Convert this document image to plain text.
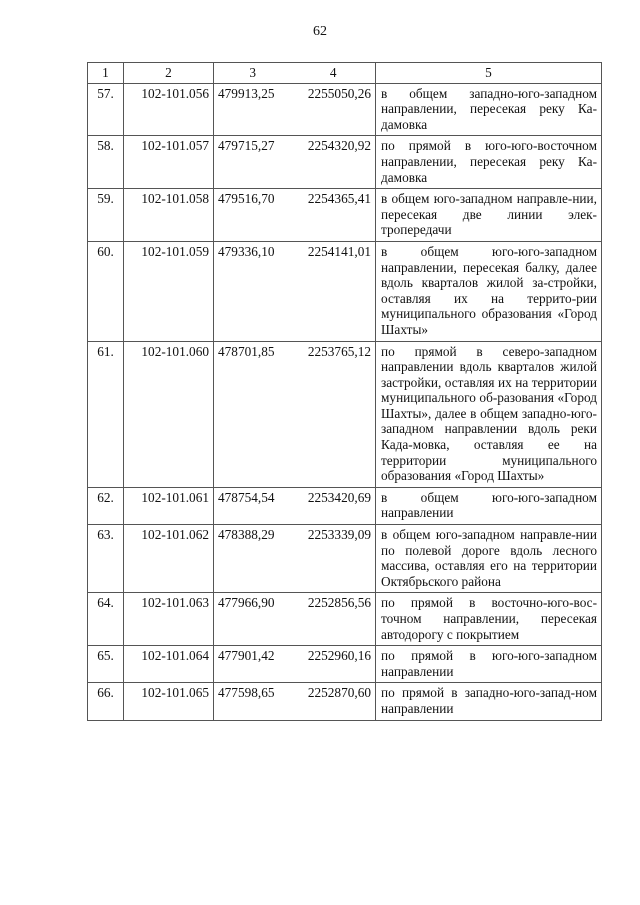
62
1	2	3	4	5
57.	102-101.056	479913,25	2255050,26	в общем западно-юго-западном направлении, пересекая реку Ка-дамовка
58.	102-101.057	479715,27	2254320,92	по прямой в юго-юго-восточном направлении, пересекая реку Ка-дамовка
59.	102-101.058	479516,70	2254365,41	в общем юго-западном направле-нии, пересекая две линии элек-тропередачи
60.	102-101.059	479336,10	2254141,01	в общем юго-юго-западном направлении, пересекая балку, далее вдоль кварталов жилой за-стройки, оставляя их на террито-рии муниципального образования «Город Шахты»
61.	102-101.060	478701,85	2253765,12	по прямой в северо-западном направлении вдоль кварталов жилой застройки, оставляя их на территории муниципального об-разования «Город Шахты», далее в общем западно-юго-западном направлении вдоль реки Када-мовка, оставляя ее на территории муниципального образования «Город Шахты»
62.	102-101.061	478754,54	2253420,69	в общем юго-юго-западном направлении
63.	102-101.062	478388,29	2253339,09	в общем юго-западном направле-нии по полевой дороге вдоль лесного массива, оставляя его на территории Октябрьского района
64.	102-101.063	477966,90	2252856,56	по прямой в восточно-юго-вос-точном направлении, пересекая автодорогу с покрытием
65.	102-101.064	477901,42	2252960,16	по прямой в юго-юго-западном направлении
66.	102-101.065	477598,65	2252870,60	по прямой в западно-юго-запад-ном направлении
